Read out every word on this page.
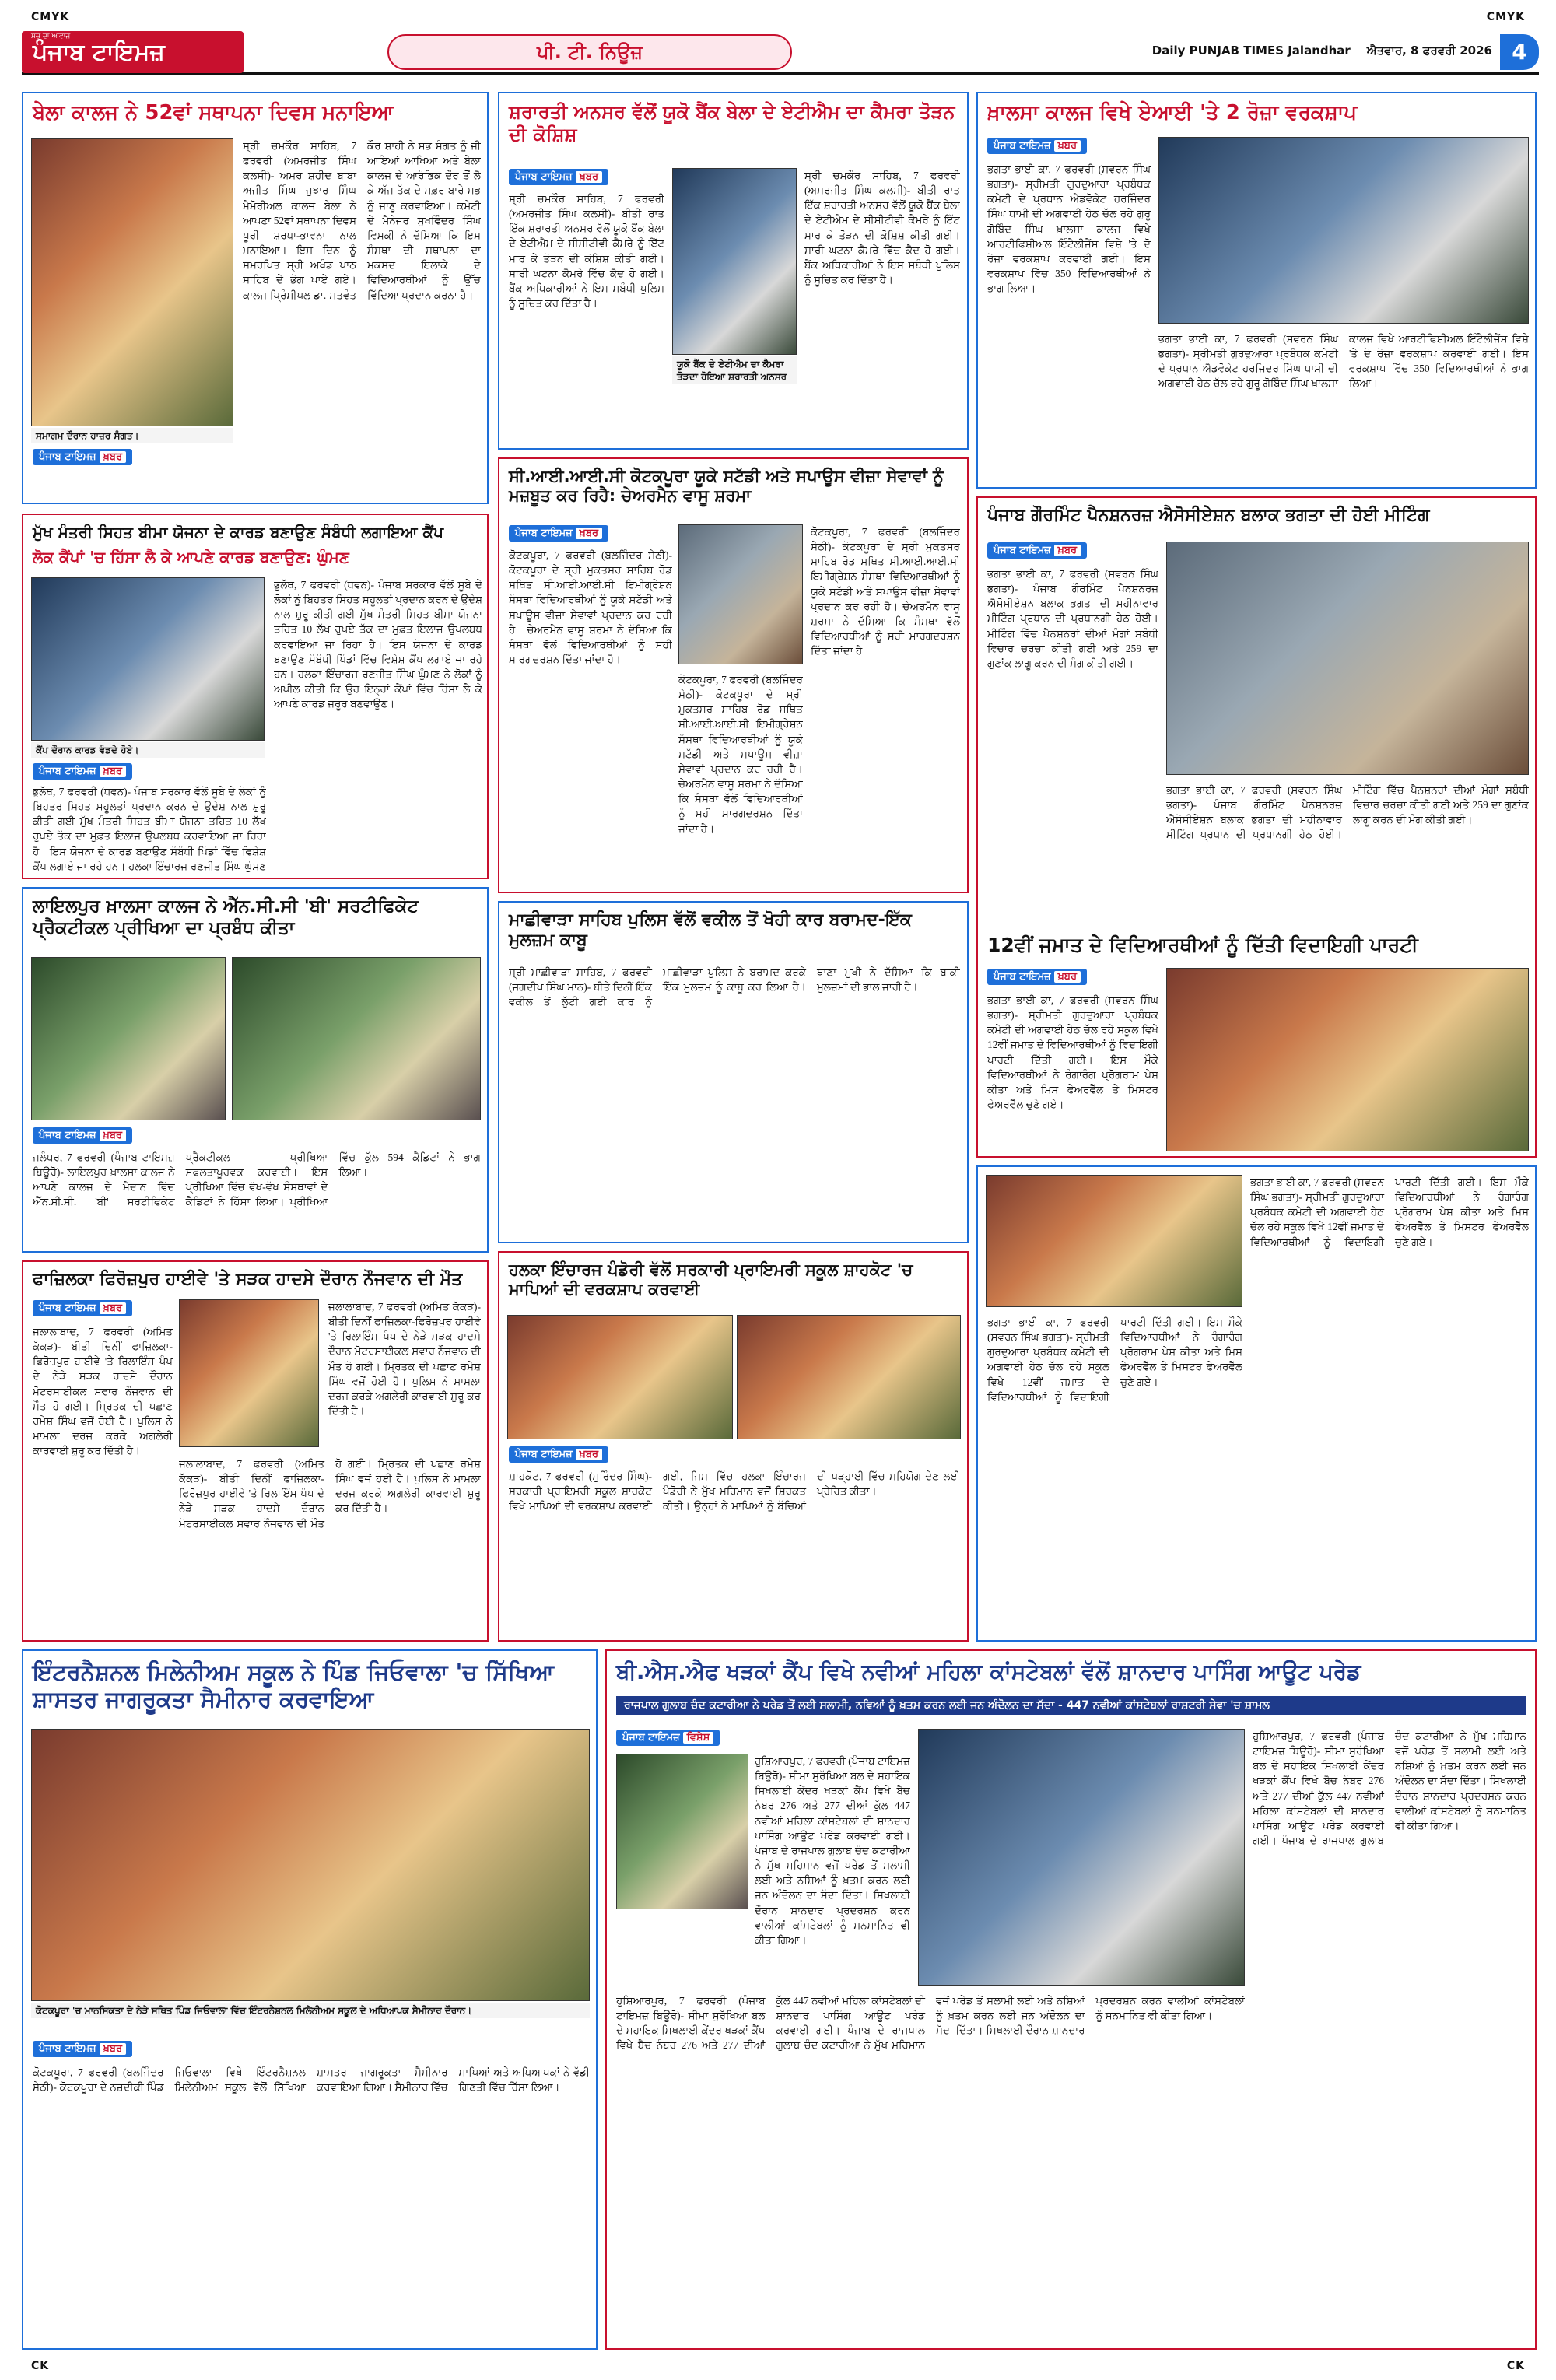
CMYK	CMYK
ਸਚ ਦਾ ਆਵਾਜ਼
ਪੰਜਾਬ ਟਾਇਮਜ਼	ਪੀ. ਟੀ. ਨਿਊਜ਼	Daily PUNJAB TIMES Jalandhar ਐਤਵਾਰ, 8 ਫਰਵਰੀ 2026 4
ਬੇਲਾ ਕਾਲਜ ਨੇ 52ਵਾਂ ਸਥਾਪਨਾ ਦਿਵਸ ਮਨਾਇਆ
ਸਮਾਗਮ ਦੌਰਾਨ ਹਾਜ਼ਰ ਸੰਗਤ।
ਪੰਜਾਬ ਟਾਇਮਜ਼ ਖ਼ਬਰ
ਸ੍ਰੀ ਚਮਕੌਰ ਸਾਹਿਬ, 7 ਫਰਵਰੀ (ਅਮਰਜੀਤ ਸਿੰਘ ਕਲਸੀ)- ਅਮਰ ਸ਼ਹੀਦ ਬਾਬਾ ਅਜੀਤ ਸਿੰਘ ਜੁਝਾਰ ਸਿੰਘ ਮੈਮੋਰੀਅਲ ਕਾਲਜ ਬੇਲਾ ਨੇ ਆਪਣਾ 52ਵਾਂ ਸਥਾਪਨਾ ਦਿਵਸ ਪੂਰੀ ਸ਼ਰਧਾ-ਭਾਵਨਾ ਨਾਲ ਮਨਾਇਆ। ਇਸ ਦਿਨ ਨੂੰ ਸਮਰਪਿਤ ਸ੍ਰੀ ਅਖੰਡ ਪਾਠ ਸਾਹਿਬ ਦੇ ਭੋਗ ਪਾਏ ਗਏ। ਕਾਲਜ ਪ੍ਰਿੰਸੀਪਲ ਡਾ. ਸਤਵੰਤ ਕੌਰ ਸ਼ਾਹੀ ਨੇ ਸਭ ਸੰਗਤ ਨੂੰ ਜੀ ਆਇਆਂ ਆਖਿਆ ਅਤੇ ਬੇਲਾ ਕਾਲਜ ਦੇ ਆਰੰਭਿਕ ਦੌਰ ਤੋਂ ਲੈ ਕੇ ਅੱਜ ਤੱਕ ਦੇ ਸਫ਼ਰ ਬਾਰੇ ਸਭ ਨੂੰ ਜਾਣੂ ਕਰਵਾਇਆ। ਕਮੇਟੀ ਦੇ ਮੈਨੇਜਰ ਸੁਖਵਿੰਦਰ ਸਿੰਘ ਵਿਸਕੀ ਨੇ ਦੱਸਿਆ ਕਿ ਇਸ ਸੰਸਥਾ ਦੀ ਸਥਾਪਨਾ ਦਾ ਮਕਸਦ ਇਲਾਕੇ ਦੇ ਵਿਦਿਆਰਥੀਆਂ ਨੂੰ ਉੱਚ ਵਿੱਦਿਆ ਪ੍ਰਦਾਨ ਕਰਨਾ ਹੈ।
ਮੁੱਖ ਮੰਤਰੀ ਸਿਹਤ ਬੀਮਾ ਯੋਜਨਾ ਦੇ ਕਾਰਡ ਬਣਾਉਣ ਸੰਬੰਧੀ ਲਗਾਇਆ ਕੈਂਪ
ਲੋਕ ਕੈਂਪਾਂ 'ਚ ਹਿੱਸਾ ਲੈ ਕੇ ਆਪਣੇ ਕਾਰਡ ਬਣਾਉਣ: ਘੁੰਮਣ
ਕੈਂਪ ਦੌਰਾਨ ਕਾਰਡ ਵੰਡਦੇ ਹੋਏ।
ਪੰਜਾਬ ਟਾਇਮਜ਼ ਖ਼ਬਰ
ਭੁਲੱਥ, 7 ਫਰਵਰੀ (ਧਵਨ)- ਪੰਜਾਬ ਸਰਕਾਰ ਵੱਲੋਂ ਸੂਬੇ ਦੇ ਲੋਕਾਂ ਨੂੰ ਬਿਹਤਰ ਸਿਹਤ ਸਹੂਲਤਾਂ ਪ੍ਰਦਾਨ ਕਰਨ ਦੇ ਉਦੇਸ਼ ਨਾਲ ਸ਼ੁਰੂ ਕੀਤੀ ਗਈ ਮੁੱਖ ਮੰਤਰੀ ਸਿਹਤ ਬੀਮਾ ਯੋਜਨਾ ਤਹਿਤ 10 ਲੱਖ ਰੁਪਏ ਤੱਕ ਦਾ ਮੁਫ਼ਤ ਇਲਾਜ ਉਪਲਬਧ ਕਰਵਾਇਆ ਜਾ ਰਿਹਾ ਹੈ। ਇਸ ਯੋਜਨਾ ਦੇ ਕਾਰਡ ਬਣਾਉਣ ਸੰਬੰਧੀ ਪਿੰਡਾਂ ਵਿੱਚ ਵਿਸ਼ੇਸ਼ ਕੈਂਪ ਲਗਾਏ ਜਾ ਰਹੇ ਹਨ। ਹਲਕਾ ਇੰਚਾਰਜ ਰਣਜੀਤ ਸਿੰਘ ਘੁੰਮਣ
ਭੁਲੱਥ, 7 ਫਰਵਰੀ (ਧਵਨ)- ਪੰਜਾਬ ਸਰਕਾਰ ਵੱਲੋਂ ਸੂਬੇ ਦੇ ਲੋਕਾਂ ਨੂੰ ਬਿਹਤਰ ਸਿਹਤ ਸਹੂਲਤਾਂ ਪ੍ਰਦਾਨ ਕਰਨ ਦੇ ਉਦੇਸ਼ ਨਾਲ ਸ਼ੁਰੂ ਕੀਤੀ ਗਈ ਮੁੱਖ ਮੰਤਰੀ ਸਿਹਤ ਬੀਮਾ ਯੋਜਨਾ ਤਹਿਤ 10 ਲੱਖ ਰੁਪਏ ਤੱਕ ਦਾ ਮੁਫ਼ਤ ਇਲਾਜ ਉਪਲਬਧ ਕਰਵਾਇਆ ਜਾ ਰਿਹਾ ਹੈ। ਇਸ ਯੋਜਨਾ ਦੇ ਕਾਰਡ ਬਣਾਉਣ ਸੰਬੰਧੀ ਪਿੰਡਾਂ ਵਿੱਚ ਵਿਸ਼ੇਸ਼ ਕੈਂਪ ਲਗਾਏ ਜਾ ਰਹੇ ਹਨ। ਹਲਕਾ ਇੰਚਾਰਜ ਰਣਜੀਤ ਸਿੰਘ ਘੁੰਮਣ ਨੇ ਲੋਕਾਂ ਨੂੰ ਅਪੀਲ ਕੀਤੀ ਕਿ ਉਹ ਇਨ੍ਹਾਂ ਕੈਂਪਾਂ ਵਿੱਚ ਹਿੱਸਾ ਲੈ ਕੇ ਆਪਣੇ ਕਾਰਡ ਜ਼ਰੂਰ ਬਣਵਾਉਣ।
ਲਾਇਲਪੁਰ ਖ਼ਾਲਸਾ ਕਾਲਜ ਨੇ ਐੱਨ.ਸੀ.ਸੀ 'ਬੀ' ਸਰਟੀਫਿਕੇਟ ਪ੍ਰੈਕਟੀਕਲ ਪ੍ਰੀਖਿਆ ਦਾ ਪ੍ਰਬੰਧ ਕੀਤਾ
ਪੰਜਾਬ ਟਾਇਮਜ਼ ਖ਼ਬਰ
ਜਲੰਧਰ, 7 ਫਰਵਰੀ (ਪੰਜਾਬ ਟਾਇਮਜ਼ ਬਿਊਰੋ)- ਲਾਇਲਪੁਰ ਖ਼ਾਲਸਾ ਕਾਲਜ ਨੇ ਆਪਣੇ ਕਾਲਜ ਦੇ ਮੈਦਾਨ ਵਿੱਚ ਐੱਨ.ਸੀ.ਸੀ. 'ਬੀ' ਸਰਟੀਫਿਕੇਟ ਪ੍ਰੈਕਟੀਕਲ ਪ੍ਰੀਖਿਆ ਸਫਲਤਾਪੂਰਵਕ ਕਰਵਾਈ। ਇਸ ਪ੍ਰੀਖਿਆ ਵਿੱਚ ਵੱਖ-ਵੱਖ ਸੰਸਥਾਵਾਂ ਦੇ ਕੈਡਿਟਾਂ ਨੇ ਹਿੱਸਾ ਲਿਆ। ਪ੍ਰੀਖਿਆ ਵਿੱਚ ਕੁੱਲ 594 ਕੈਡਿਟਾਂ ਨੇ ਭਾਗ ਲਿਆ।
ਫਾਜ਼ਿਲਕਾ ਫਿਰੋਜ਼ਪੁਰ ਹਾਈਵੇ 'ਤੇ ਸੜਕ ਹਾਦਸੇ ਦੌਰਾਨ ਨੌਜਵਾਨ ਦੀ ਮੌਤ
ਪੰਜਾਬ ਟਾਇਮਜ਼ ਖ਼ਬਰ
ਜਲਾਲਾਬਾਦ, 7 ਫਰਵਰੀ (ਅਮਿਤ ਕੱਕੜ)- ਬੀਤੀ ਦਿਨੀਂ ਫਾਜ਼ਿਲਕਾ-ਫਿਰੋਜ਼ਪੁਰ ਹਾਈਵੇ 'ਤੇ ਰਿਲਾਇੰਸ ਪੰਪ ਦੇ ਨੇੜੇ ਸੜਕ ਹਾਦਸੇ ਦੌਰਾਨ ਮੋਟਰਸਾਈਕਲ ਸਵਾਰ ਨੌਜਵਾਨ ਦੀ ਮੌਤ ਹੋ ਗਈ। ਮ੍ਰਿਤਕ ਦੀ ਪਛਾਣ ਰਮੇਸ਼ ਸਿੰਘ ਵਜੋਂ ਹੋਈ ਹੈ। ਪੁਲਿਸ ਨੇ ਮਾਮਲਾ ਦਰਜ ਕਰਕੇ ਅਗਲੇਰੀ ਕਾਰਵਾਈ ਸ਼ੁਰੂ ਕਰ ਦਿੱਤੀ ਹੈ।
ਜਲਾਲਾਬਾਦ, 7 ਫਰਵਰੀ (ਅਮਿਤ ਕੱਕੜ)- ਬੀਤੀ ਦਿਨੀਂ ਫਾਜ਼ਿਲਕਾ-ਫਿਰੋਜ਼ਪੁਰ ਹਾਈਵੇ 'ਤੇ ਰਿਲਾਇੰਸ ਪੰਪ ਦੇ ਨੇੜੇ ਸੜਕ ਹਾਦਸੇ ਦੌਰਾਨ ਮੋਟਰਸਾਈਕਲ ਸਵਾਰ ਨੌਜਵਾਨ ਦੀ ਮੌਤ ਹੋ ਗਈ। ਮ੍ਰਿਤਕ ਦੀ ਪਛਾਣ ਰਮੇਸ਼ ਸਿੰਘ ਵਜੋਂ ਹੋਈ ਹੈ। ਪੁਲਿਸ ਨੇ ਮਾਮਲਾ ਦਰਜ ਕਰਕੇ ਅਗਲੇਰੀ ਕਾਰਵਾਈ ਸ਼ੁਰੂ ਕਰ ਦਿੱਤੀ ਹੈ।
ਜਲਾਲਾਬਾਦ, 7 ਫਰਵਰੀ (ਅਮਿਤ ਕੱਕੜ)- ਬੀਤੀ ਦਿਨੀਂ ਫਾਜ਼ਿਲਕਾ-ਫਿਰੋਜ਼ਪੁਰ ਹਾਈਵੇ 'ਤੇ ਰਿਲਾਇੰਸ ਪੰਪ ਦੇ ਨੇੜੇ ਸੜਕ ਹਾਦਸੇ ਦੌਰਾਨ ਮੋਟਰਸਾਈਕਲ ਸਵਾਰ ਨੌਜਵਾਨ ਦੀ ਮੌਤ ਹੋ ਗਈ। ਮ੍ਰਿਤਕ ਦੀ ਪਛਾਣ ਰਮੇਸ਼ ਸਿੰਘ ਵਜੋਂ ਹੋਈ ਹੈ। ਪੁਲਿਸ ਨੇ ਮਾਮਲਾ ਦਰਜ ਕਰਕੇ ਅਗਲੇਰੀ ਕਾਰਵਾਈ ਸ਼ੁਰੂ ਕਰ ਦਿੱਤੀ ਹੈ।
ਸ਼ਰਾਰਤੀ ਅਨਸਰ ਵੱਲੋਂ ਯੂਕੋ ਬੈਂਕ ਬੇਲਾ ਦੇ ਏਟੀਐਮ ਦਾ ਕੈਮਰਾ ਤੋੜਨ ਦੀ ਕੋਸ਼ਿਸ਼
ਪੰਜਾਬ ਟਾਇਮਜ਼ ਖ਼ਬਰ
ਸ੍ਰੀ ਚਮਕੌਰ ਸਾਹਿਬ, 7 ਫਰਵਰੀ (ਅਮਰਜੀਤ ਸਿੰਘ ਕਲਸੀ)- ਬੀਤੀ ਰਾਤ ਇੱਕ ਸ਼ਰਾਰਤੀ ਅਨਸਰ ਵੱਲੋਂ ਯੂਕੋ ਬੈਂਕ ਬੇਲਾ ਦੇ ਏਟੀਐਮ ਦੇ ਸੀਸੀਟੀਵੀ ਕੈਮਰੇ ਨੂੰ ਇੱਟ ਮਾਰ ਕੇ ਤੋੜਨ ਦੀ ਕੋਸ਼ਿਸ਼ ਕੀਤੀ ਗਈ। ਸਾਰੀ ਘਟਨਾ ਕੈਮਰੇ ਵਿੱਚ ਕੈਦ ਹੋ ਗਈ। ਬੈਂਕ ਅਧਿਕਾਰੀਆਂ ਨੇ ਇਸ ਸਬੰਧੀ ਪੁਲਿਸ ਨੂੰ ਸੂਚਿਤ ਕਰ ਦਿੱਤਾ ਹੈ।
ਯੂਕੋ ਬੈਂਕ ਦੇ ਏਟੀਐਮ ਦਾ ਕੈਮਰਾ ਤੋੜਦਾ ਹੋਇਆ ਸ਼ਰਾਰਤੀ ਅਨਸਰ
ਸ੍ਰੀ ਚਮਕੌਰ ਸਾਹਿਬ, 7 ਫਰਵਰੀ (ਅਮਰਜੀਤ ਸਿੰਘ ਕਲਸੀ)- ਬੀਤੀ ਰਾਤ ਇੱਕ ਸ਼ਰਾਰਤੀ ਅਨਸਰ ਵੱਲੋਂ ਯੂਕੋ ਬੈਂਕ ਬੇਲਾ ਦੇ ਏਟੀਐਮ ਦੇ ਸੀਸੀਟੀਵੀ ਕੈਮਰੇ ਨੂੰ ਇੱਟ ਮਾਰ ਕੇ ਤੋੜਨ ਦੀ ਕੋਸ਼ਿਸ਼ ਕੀਤੀ ਗਈ। ਸਾਰੀ ਘਟਨਾ ਕੈਮਰੇ ਵਿੱਚ ਕੈਦ ਹੋ ਗਈ। ਬੈਂਕ ਅਧਿਕਾਰੀਆਂ ਨੇ ਇਸ ਸਬੰਧੀ ਪੁਲਿਸ ਨੂੰ ਸੂਚਿਤ ਕਰ ਦਿੱਤਾ ਹੈ।
ਸੀ.ਆਈ.ਆਈ.ਸੀ ਕੋਟਕਪੂਰਾ ਯੂਕੇ ਸਟੱਡੀ ਅਤੇ ਸਪਾਊਸ ਵੀਜ਼ਾ ਸੇਵਾਵਾਂ ਨੂੰ ਮਜ਼ਬੂਤ ਕਰ ਰਿਹੈ: ਚੇਅਰਮੈਨ ਵਾਸੂ ਸ਼ਰਮਾ
ਪੰਜਾਬ ਟਾਇਮਜ਼ ਖ਼ਬਰ
ਕੋਟਕਪੂਰਾ, 7 ਫਰਵਰੀ (ਬਲਜਿੰਦਰ ਸੇਠੀ)- ਕੋਟਕਪੂਰਾ ਦੇ ਸ੍ਰੀ ਮੁਕਤਸਰ ਸਾਹਿਬ ਰੋਡ ਸਥਿਤ ਸੀ.ਆਈ.ਆਈ.ਸੀ ਇਮੀਗ੍ਰੇਸ਼ਨ ਸੰਸਥਾ ਵਿਦਿਆਰਥੀਆਂ ਨੂੰ ਯੂਕੇ ਸਟੱਡੀ ਅਤੇ ਸਪਾਊਸ ਵੀਜ਼ਾ ਸੇਵਾਵਾਂ ਪ੍ਰਦਾਨ ਕਰ ਰਹੀ ਹੈ। ਚੇਅਰਮੈਨ ਵਾਸੂ ਸ਼ਰਮਾ ਨੇ ਦੱਸਿਆ ਕਿ ਸੰਸਥਾ ਵੱਲੋਂ ਵਿਦਿਆਰਥੀਆਂ ਨੂੰ ਸਹੀ ਮਾਰਗਦਰਸ਼ਨ ਦਿੱਤਾ ਜਾਂਦਾ ਹੈ।
ਕੋਟਕਪੂਰਾ, 7 ਫਰਵਰੀ (ਬਲਜਿੰਦਰ ਸੇਠੀ)- ਕੋਟਕਪੂਰਾ ਦੇ ਸ੍ਰੀ ਮੁਕਤਸਰ ਸਾਹਿਬ ਰੋਡ ਸਥਿਤ ਸੀ.ਆਈ.ਆਈ.ਸੀ ਇਮੀਗ੍ਰੇਸ਼ਨ ਸੰਸਥਾ ਵਿਦਿਆਰਥੀਆਂ ਨੂੰ ਯੂਕੇ ਸਟੱਡੀ ਅਤੇ ਸਪਾਊਸ ਵੀਜ਼ਾ ਸੇਵਾਵਾਂ ਪ੍ਰਦਾਨ ਕਰ ਰਹੀ ਹੈ। ਚੇਅਰਮੈਨ ਵਾਸੂ ਸ਼ਰਮਾ ਨੇ ਦੱਸਿਆ ਕਿ ਸੰਸਥਾ ਵੱਲੋਂ ਵਿਦਿਆਰਥੀਆਂ ਨੂੰ ਸਹੀ ਮਾਰਗਦਰਸ਼ਨ ਦਿੱਤਾ ਜਾਂਦਾ ਹੈ।
ਕੋਟਕਪੂਰਾ, 7 ਫਰਵਰੀ (ਬਲਜਿੰਦਰ ਸੇਠੀ)- ਕੋਟਕਪੂਰਾ ਦੇ ਸ੍ਰੀ ਮੁਕਤਸਰ ਸਾਹਿਬ ਰੋਡ ਸਥਿਤ ਸੀ.ਆਈ.ਆਈ.ਸੀ ਇਮੀਗ੍ਰੇਸ਼ਨ ਸੰਸਥਾ ਵਿਦਿਆਰਥੀਆਂ ਨੂੰ ਯੂਕੇ ਸਟੱਡੀ ਅਤੇ ਸਪਾਊਸ ਵੀਜ਼ਾ ਸੇਵਾਵਾਂ ਪ੍ਰਦਾਨ ਕਰ ਰਹੀ ਹੈ। ਚੇਅਰਮੈਨ ਵਾਸੂ ਸ਼ਰਮਾ ਨੇ ਦੱਸਿਆ ਕਿ ਸੰਸਥਾ ਵੱਲੋਂ ਵਿਦਿਆਰਥੀਆਂ ਨੂੰ ਸਹੀ ਮਾਰਗਦਰਸ਼ਨ ਦਿੱਤਾ ਜਾਂਦਾ ਹੈ।
ਮਾਛੀਵਾੜਾ ਸਾਹਿਬ ਪੁਲਿਸ ਵੱਲੋਂ ਵਕੀਲ ਤੋਂ ਖੋਹੀ ਕਾਰ ਬਰਾਮਦ-ਇੱਕ ਮੁਲਜ਼ਮ ਕਾਬੂ
ਸ੍ਰੀ ਮਾਛੀਵਾੜਾ ਸਾਹਿਬ, 7 ਫਰਵਰੀ (ਜਗਦੀਪ ਸਿੰਘ ਮਾਨ)- ਬੀਤੇ ਦਿਨੀਂ ਇੱਕ ਵਕੀਲ ਤੋਂ ਲੁੱਟੀ ਗਈ ਕਾਰ ਨੂੰ ਮਾਛੀਵਾੜਾ ਪੁਲਿਸ ਨੇ ਬਰਾਮਦ ਕਰਕੇ ਇੱਕ ਮੁਲਜ਼ਮ ਨੂੰ ਕਾਬੂ ਕਰ ਲਿਆ ਹੈ। ਥਾਣਾ ਮੁਖੀ ਨੇ ਦੱਸਿਆ ਕਿ ਬਾਕੀ ਮੁਲਜ਼ਮਾਂ ਦੀ ਭਾਲ ਜਾਰੀ ਹੈ।
ਹਲਕਾ ਇੰਚਾਰਜ ਪੰਡੋਰੀ ਵੱਲੋਂ ਸਰਕਾਰੀ ਪ੍ਰਾਇਮਰੀ ਸਕੂਲ ਸ਼ਾਹਕੋਟ 'ਚ ਮਾਪਿਆਂ ਦੀ ਵਰਕਸ਼ਾਪ ਕਰਵਾਈ
ਪੰਜਾਬ ਟਾਇਮਜ਼ ਖ਼ਬਰ
ਸ਼ਾਹਕੋਟ, 7 ਫਰਵਰੀ (ਸੁਰਿੰਦਰ ਸਿੰਘ)- ਸਰਕਾਰੀ ਪ੍ਰਾਇਮਰੀ ਸਕੂਲ ਸ਼ਾਹਕੋਟ ਵਿਖੇ ਮਾਪਿਆਂ ਦੀ ਵਰਕਸ਼ਾਪ ਕਰਵਾਈ ਗਈ, ਜਿਸ ਵਿੱਚ ਹਲਕਾ ਇੰਚਾਰਜ ਪੰਡੋਰੀ ਨੇ ਮੁੱਖ ਮਹਿਮਾਨ ਵਜੋਂ ਸ਼ਿਰਕਤ ਕੀਤੀ। ਉਨ੍ਹਾਂ ਨੇ ਮਾਪਿਆਂ ਨੂੰ ਬੱਚਿਆਂ ਦੀ ਪੜ੍ਹਾਈ ਵਿੱਚ ਸਹਿਯੋਗ ਦੇਣ ਲਈ ਪ੍ਰੇਰਿਤ ਕੀਤਾ।
ਖ਼ਾਲਸਾ ਕਾਲਜ ਵਿਖੇ ਏਆਈ 'ਤੇ 2 ਰੋਜ਼ਾ ਵਰਕਸ਼ਾਪ
ਪੰਜਾਬ ਟਾਇਮਜ਼ ਖ਼ਬਰ
ਭਗਤਾ ਭਾਈ ਕਾ, 7 ਫਰਵਰੀ (ਸਵਰਨ ਸਿੰਘ ਭਗਤਾ)- ਸ੍ਰੀਮਤੀ ਗੁਰਦੁਆਰਾ ਪ੍ਰਬੰਧਕ ਕਮੇਟੀ ਦੇ ਪ੍ਰਧਾਨ ਐਡਵੋਕੇਟ ਹਰਜਿੰਦਰ ਸਿੰਘ ਧਾਮੀ ਦੀ ਅਗਵਾਈ ਹੇਠ ਚੱਲ ਰਹੇ ਗੁਰੂ ਗੋਬਿੰਦ ਸਿੰਘ ਖ਼ਾਲਸਾ ਕਾਲਜ ਵਿਖੇ ਆਰਟੀਫਿਸ਼ੀਅਲ ਇੰਟੈਲੀਜੈਂਸ ਵਿਸ਼ੇ 'ਤੇ ਦੋ ਰੋਜ਼ਾ ਵਰਕਸ਼ਾਪ ਕਰਵਾਈ ਗਈ। ਇਸ ਵਰਕਸ਼ਾਪ ਵਿੱਚ 350 ਵਿਦਿਆਰਥੀਆਂ ਨੇ ਭਾਗ ਲਿਆ।
ਭਗਤਾ ਭਾਈ ਕਾ, 7 ਫਰਵਰੀ (ਸਵਰਨ ਸਿੰਘ ਭਗਤਾ)- ਸ੍ਰੀਮਤੀ ਗੁਰਦੁਆਰਾ ਪ੍ਰਬੰਧਕ ਕਮੇਟੀ ਦੇ ਪ੍ਰਧਾਨ ਐਡਵੋਕੇਟ ਹਰਜਿੰਦਰ ਸਿੰਘ ਧਾਮੀ ਦੀ ਅਗਵਾਈ ਹੇਠ ਚੱਲ ਰਹੇ ਗੁਰੂ ਗੋਬਿੰਦ ਸਿੰਘ ਖ਼ਾਲਸਾ ਕਾਲਜ ਵਿਖੇ ਆਰਟੀਫਿਸ਼ੀਅਲ ਇੰਟੈਲੀਜੈਂਸ ਵਿਸ਼ੇ 'ਤੇ ਦੋ ਰੋਜ਼ਾ ਵਰਕਸ਼ਾਪ ਕਰਵਾਈ ਗਈ। ਇਸ ਵਰਕਸ਼ਾਪ ਵਿੱਚ 350 ਵਿਦਿਆਰਥੀਆਂ ਨੇ ਭਾਗ ਲਿਆ।
ਪੰਜਾਬ ਗੌਰਮਿੰਟ ਪੈਨਸ਼ਨਰਜ਼ ਐਸੋਸੀਏਸ਼ਨ ਬਲਾਕ ਭਗਤਾ ਦੀ ਹੋਈ ਮੀਟਿੰਗ
ਪੰਜਾਬ ਟਾਇਮਜ਼ ਖ਼ਬਰ
ਭਗਤਾ ਭਾਈ ਕਾ, 7 ਫਰਵਰੀ (ਸਵਰਨ ਸਿੰਘ ਭਗਤਾ)- ਪੰਜਾਬ ਗੌਰਮਿੰਟ ਪੈਨਸ਼ਨਰਜ਼ ਐਸੋਸੀਏਸ਼ਨ ਬਲਾਕ ਭਗਤਾ ਦੀ ਮਹੀਨਾਵਾਰ ਮੀਟਿੰਗ ਪ੍ਰਧਾਨ ਦੀ ਪ੍ਰਧਾਨਗੀ ਹੇਠ ਹੋਈ। ਮੀਟਿੰਗ ਵਿੱਚ ਪੈਨਸ਼ਨਰਾਂ ਦੀਆਂ ਮੰਗਾਂ ਸਬੰਧੀ ਵਿਚਾਰ ਚਰਚਾ ਕੀਤੀ ਗਈ ਅਤੇ 259 ਦਾ ਗੁਣਾਂਕ ਲਾਗੂ ਕਰਨ ਦੀ ਮੰਗ ਕੀਤੀ ਗਈ।
ਭਗਤਾ ਭਾਈ ਕਾ, 7 ਫਰਵਰੀ (ਸਵਰਨ ਸਿੰਘ ਭਗਤਾ)- ਪੰਜਾਬ ਗੌਰਮਿੰਟ ਪੈਨਸ਼ਨਰਜ਼ ਐਸੋਸੀਏਸ਼ਨ ਬਲਾਕ ਭਗਤਾ ਦੀ ਮਹੀਨਾਵਾਰ ਮੀਟਿੰਗ ਪ੍ਰਧਾਨ ਦੀ ਪ੍ਰਧਾਨਗੀ ਹੇਠ ਹੋਈ। ਮੀਟਿੰਗ ਵਿੱਚ ਪੈਨਸ਼ਨਰਾਂ ਦੀਆਂ ਮੰਗਾਂ ਸਬੰਧੀ ਵਿਚਾਰ ਚਰਚਾ ਕੀਤੀ ਗਈ ਅਤੇ 259 ਦਾ ਗੁਣਾਂਕ ਲਾਗੂ ਕਰਨ ਦੀ ਮੰਗ ਕੀਤੀ ਗਈ।
12ਵੀਂ ਜਮਾਤ ਦੇ ਵਿਦਿਆਰਥੀਆਂ ਨੂੰ ਦਿੱਤੀ ਵਿਦਾਇਗੀ ਪਾਰਟੀ
ਪੰਜਾਬ ਟਾਇਮਜ਼ ਖ਼ਬਰ
ਭਗਤਾ ਭਾਈ ਕਾ, 7 ਫਰਵਰੀ (ਸਵਰਨ ਸਿੰਘ ਭਗਤਾ)- ਸ੍ਰੀਮਤੀ ਗੁਰਦੁਆਰਾ ਪ੍ਰਬੰਧਕ ਕਮੇਟੀ ਦੀ ਅਗਵਾਈ ਹੇਠ ਚੱਲ ਰਹੇ ਸਕੂਲ ਵਿਖੇ 12ਵੀਂ ਜਮਾਤ ਦੇ ਵਿਦਿਆਰਥੀਆਂ ਨੂੰ ਵਿਦਾਇਗੀ ਪਾਰਟੀ ਦਿੱਤੀ ਗਈ। ਇਸ ਮੌਕੇ ਵਿਦਿਆਰਥੀਆਂ ਨੇ ਰੰਗਾਰੰਗ ਪ੍ਰੋਗਰਾਮ ਪੇਸ਼ ਕੀਤਾ ਅਤੇ ਮਿਸ ਫੇਅਰਵੈੱਲ ਤੇ ਮਿਸਟਰ ਫੇਅਰਵੈੱਲ ਚੁਣੇ ਗਏ।
ਭਗਤਾ ਭਾਈ ਕਾ, 7 ਫਰਵਰੀ (ਸਵਰਨ ਸਿੰਘ ਭਗਤਾ)- ਸ੍ਰੀਮਤੀ ਗੁਰਦੁਆਰਾ ਪ੍ਰਬੰਧਕ ਕਮੇਟੀ ਦੀ ਅਗਵਾਈ ਹੇਠ ਚੱਲ ਰਹੇ ਸਕੂਲ ਵਿਖੇ 12ਵੀਂ ਜਮਾਤ ਦੇ ਵਿਦਿਆਰਥੀਆਂ ਨੂੰ ਵਿਦਾਇਗੀ ਪਾਰਟੀ ਦਿੱਤੀ ਗਈ। ਇਸ ਮੌਕੇ ਵਿਦਿਆਰਥੀਆਂ ਨੇ ਰੰਗਾਰੰਗ ਪ੍ਰੋਗਰਾਮ ਪੇਸ਼ ਕੀਤਾ ਅਤੇ ਮਿਸ ਫੇਅਰਵੈੱਲ ਤੇ ਮਿਸਟਰ ਫੇਅਰਵੈੱਲ ਚੁਣੇ ਗਏ।
ਭਗਤਾ ਭਾਈ ਕਾ, 7 ਫਰਵਰੀ (ਸਵਰਨ ਸਿੰਘ ਭਗਤਾ)- ਸ੍ਰੀਮਤੀ ਗੁਰਦੁਆਰਾ ਪ੍ਰਬੰਧਕ ਕਮੇਟੀ ਦੀ ਅਗਵਾਈ ਹੇਠ ਚੱਲ ਰਹੇ ਸਕੂਲ ਵਿਖੇ 12ਵੀਂ ਜਮਾਤ ਦੇ ਵਿਦਿਆਰਥੀਆਂ ਨੂੰ ਵਿਦਾਇਗੀ ਪਾਰਟੀ ਦਿੱਤੀ ਗਈ। ਇਸ ਮੌਕੇ ਵਿਦਿਆਰਥੀਆਂ ਨੇ ਰੰਗਾਰੰਗ ਪ੍ਰੋਗਰਾਮ ਪੇਸ਼ ਕੀਤਾ ਅਤੇ ਮਿਸ ਫੇਅਰਵੈੱਲ ਤੇ ਮਿਸਟਰ ਫੇਅਰਵੈੱਲ ਚੁਣੇ ਗਏ।
ਇੰਟਰਨੈਸ਼ਨਲ ਮਿਲੇਨੀਅਮ ਸਕੂਲ ਨੇ ਪਿੰਡ ਜਿਓਵਾਲਾ 'ਚ ਸਿੱਖਿਆ ਸ਼ਾਸਤਰ ਜਾਗਰੂਕਤਾ ਸੈਮੀਨਾਰ ਕਰਵਾਇਆ
ਕੋਟਕਪੂਰਾ 'ਚ ਮਾਨਸਿਕਤਾ ਦੇ ਨੇੜੇ ਸਥਿਤ ਪਿੰਡ ਜਿਓਵਾਲਾ ਵਿੱਚ ਇੰਟਰਨੈਸ਼ਨਲ ਮਿਲੇਨੀਅਮ ਸਕੂਲ ਦੇ ਅਧਿਆਪਕ ਸੈਮੀਨਾਰ ਦੌਰਾਨ।
ਪੰਜਾਬ ਟਾਇਮਜ਼ ਖ਼ਬਰ
ਕੋਟਕਪੂਰਾ, 7 ਫਰਵਰੀ (ਬਲਜਿੰਦਰ ਸੇਠੀ)- ਕੋਟਕਪੂਰਾ ਦੇ ਨਜ਼ਦੀਕੀ ਪਿੰਡ ਜਿਓਵਾਲਾ ਵਿਖੇ ਇੰਟਰਨੈਸ਼ਨਲ ਮਿਲੇਨੀਅਮ ਸਕੂਲ ਵੱਲੋਂ ਸਿੱਖਿਆ ਸ਼ਾਸਤਰ ਜਾਗਰੂਕਤਾ ਸੈਮੀਨਾਰ ਕਰਵਾਇਆ ਗਿਆ। ਸੈਮੀਨਾਰ ਵਿੱਚ ਮਾਪਿਆਂ ਅਤੇ ਅਧਿਆਪਕਾਂ ਨੇ ਵੱਡੀ ਗਿਣਤੀ ਵਿੱਚ ਹਿੱਸਾ ਲਿਆ।
ਬੀ.ਐਸ.ਐਫ ਖੜਕਾਂ ਕੈਂਪ ਵਿਖੇ ਨਵੀਆਂ ਮਹਿਲਾ ਕਾਂਸਟੇਬਲਾਂ ਵੱਲੋਂ ਸ਼ਾਨਦਾਰ ਪਾਸਿੰਗ ਆਊਟ ਪਰੇਡ
ਰਾਜਪਾਲ ਗੁਲਾਬ ਚੰਦ ਕਟਾਰੀਆ ਨੇ ਪਰੇਡ ਤੋਂ ਲਈ ਸਲਾਮੀ, ਨਵਿਆਂ ਨੂੰ ਖ਼ਤਮ ਕਰਨ ਲਈ ਜਨ ਅੰਦੋਲਨ ਦਾ ਸੱਦਾ - 447 ਨਵੀਆਂ ਕਾਂਸਟੇਬਲਾਂ ਰਾਸ਼ਟਰੀ ਸੇਵਾ 'ਚ ਸ਼ਾਮਲ
ਪੰਜਾਬ ਟਾਇਮਜ਼ ਵਿਸ਼ੇਸ਼
ਹੁਸ਼ਿਆਰਪੁਰ, 7 ਫਰਵਰੀ (ਪੰਜਾਬ ਟਾਇਮਜ਼ ਬਿਊਰੋ)- ਸੀਮਾ ਸੁਰੱਖਿਆ ਬਲ ਦੇ ਸਹਾਇਕ ਸਿਖਲਾਈ ਕੇਂਦਰ ਖੜਕਾਂ ਕੈਂਪ ਵਿਖੇ ਬੈਚ ਨੰਬਰ 276 ਅਤੇ 277 ਦੀਆਂ ਕੁੱਲ 447 ਨਵੀਆਂ ਮਹਿਲਾ ਕਾਂਸਟੇਬਲਾਂ ਦੀ ਸ਼ਾਨਦਾਰ ਪਾਸਿੰਗ ਆਊਟ ਪਰੇਡ ਕਰਵਾਈ ਗਈ। ਪੰਜਾਬ ਦੇ ਰਾਜਪਾਲ ਗੁਲਾਬ ਚੰਦ ਕਟਾਰੀਆ ਨੇ ਮੁੱਖ ਮਹਿਮਾਨ ਵਜੋਂ ਪਰੇਡ ਤੋਂ ਸਲਾਮੀ ਲਈ ਅਤੇ ਨਸ਼ਿਆਂ ਨੂੰ ਖ਼ਤਮ ਕਰਨ ਲਈ ਜਨ ਅੰਦੋਲਨ ਦਾ ਸੱਦਾ ਦਿੱਤਾ। ਸਿਖਲਾਈ ਦੌਰਾਨ ਸ਼ਾਨਦਾਰ ਪ੍ਰਦਰਸ਼ਨ ਕਰਨ ਵਾਲੀਆਂ ਕਾਂਸਟੇਬਲਾਂ ਨੂੰ ਸਨਮਾਨਿਤ ਵੀ ਕੀਤਾ ਗਿਆ।
ਹੁਸ਼ਿਆਰਪੁਰ, 7 ਫਰਵਰੀ (ਪੰਜਾਬ ਟਾਇਮਜ਼ ਬਿਊਰੋ)- ਸੀਮਾ ਸੁਰੱਖਿਆ ਬਲ ਦੇ ਸਹਾਇਕ ਸਿਖਲਾਈ ਕੇਂਦਰ ਖੜਕਾਂ ਕੈਂਪ ਵਿਖੇ ਬੈਚ ਨੰਬਰ 276 ਅਤੇ 277 ਦੀਆਂ ਕੁੱਲ 447 ਨਵੀਆਂ ਮਹਿਲਾ ਕਾਂਸਟੇਬਲਾਂ ਦੀ ਸ਼ਾਨਦਾਰ ਪਾਸਿੰਗ ਆਊਟ ਪਰੇਡ ਕਰਵਾਈ ਗਈ। ਪੰਜਾਬ ਦੇ ਰਾਜਪਾਲ ਗੁਲਾਬ ਚੰਦ ਕਟਾਰੀਆ ਨੇ ਮੁੱਖ ਮਹਿਮਾਨ ਵਜੋਂ ਪਰੇਡ ਤੋਂ ਸਲਾਮੀ ਲਈ ਅਤੇ ਨਸ਼ਿਆਂ ਨੂੰ ਖ਼ਤਮ ਕਰਨ ਲਈ ਜਨ ਅੰਦੋਲਨ ਦਾ ਸੱਦਾ ਦਿੱਤਾ। ਸਿਖਲਾਈ ਦੌਰਾਨ ਸ਼ਾਨਦਾਰ ਪ੍ਰਦਰਸ਼ਨ ਕਰਨ ਵਾਲੀਆਂ ਕਾਂਸਟੇਬਲਾਂ ਨੂੰ ਸਨਮਾਨਿਤ ਵੀ ਕੀਤਾ ਗਿਆ।
ਹੁਸ਼ਿਆਰਪੁਰ, 7 ਫਰਵਰੀ (ਪੰਜਾਬ ਟਾਇਮਜ਼ ਬਿਊਰੋ)- ਸੀਮਾ ਸੁਰੱਖਿਆ ਬਲ ਦੇ ਸਹਾਇਕ ਸਿਖਲਾਈ ਕੇਂਦਰ ਖੜਕਾਂ ਕੈਂਪ ਵਿਖੇ ਬੈਚ ਨੰਬਰ 276 ਅਤੇ 277 ਦੀਆਂ ਕੁੱਲ 447 ਨਵੀਆਂ ਮਹਿਲਾ ਕਾਂਸਟੇਬਲਾਂ ਦੀ ਸ਼ਾਨਦਾਰ ਪਾਸਿੰਗ ਆਊਟ ਪਰੇਡ ਕਰਵਾਈ ਗਈ। ਪੰਜਾਬ ਦੇ ਰਾਜਪਾਲ ਗੁਲਾਬ ਚੰਦ ਕਟਾਰੀਆ ਨੇ ਮੁੱਖ ਮਹਿਮਾਨ ਵਜੋਂ ਪਰੇਡ ਤੋਂ ਸਲਾਮੀ ਲਈ ਅਤੇ ਨਸ਼ਿਆਂ ਨੂੰ ਖ਼ਤਮ ਕਰਨ ਲਈ ਜਨ ਅੰਦੋਲਨ ਦਾ ਸੱਦਾ ਦਿੱਤਾ। ਸਿਖਲਾਈ ਦੌਰਾਨ ਸ਼ਾਨਦਾਰ ਪ੍ਰਦਰਸ਼ਨ ਕਰਨ ਵਾਲੀਆਂ ਕਾਂਸਟੇਬਲਾਂ ਨੂੰ ਸਨਮਾਨਿਤ ਵੀ ਕੀਤਾ ਗਿਆ।
CK	CK
